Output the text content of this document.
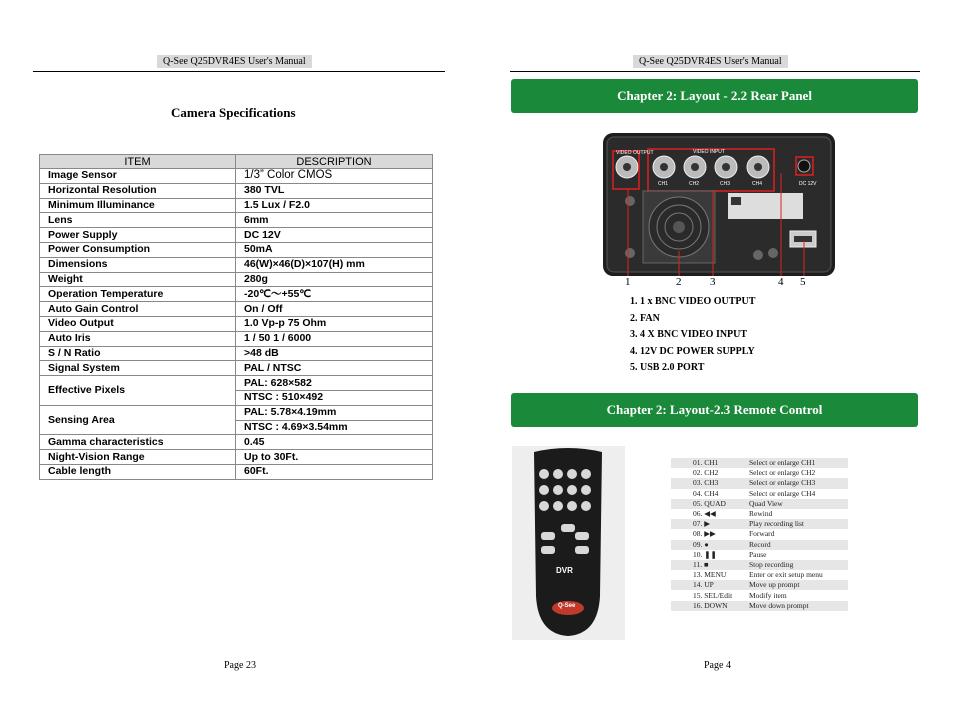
Q-See Q25DVR4ES User's Manual
Camera Specifications
ITEM	DESCRIPTION
Image Sensor	1/3” Color CMOS
Horizontal Resolution	380 TVL
Minimum Illuminance	1.5 Lux / F2.0
Lens	6mm
Power Supply	DC 12V
Power Consumption	50mA
Dimensions	46(W)×46(D)×107(H) mm
Weight	280g
Operation Temperature	-20℃～+55℃
Auto Gain Control	On / Off
Video Output	1.0 Vp-p 75 Ohm
Auto Iris	1 / 50 1 / 6000
S / N Ratio	>48 dB
Signal System	PAL / NTSC
Effective Pixels	PAL: 628×582
	NTSC : 510×492
Sensing Area	PAL: 5.78×4.19mm
	NTSC : 4.69×3.54mm
Gamma characteristics	0.45
Night-Vision Range	Up to 30Ft.
Cable length	60Ft.
Page 23
Q-See Q25DVR4ES User's Manual
Chapter 2: Layout - 2.2 Rear Panel
VIDEO OUTPUT	VIDEO INPUT
CH1	CH2	CH3	CH4	DC 12V
1	2	3	4 5
1. 1 x BNC VIDEO OUTPUT
2. FAN
3. 4 X BNC VIDEO INPUT
4. 12V DC POWER SUPPLY
5. USB 2.0 PORT
Chapter 2: Layout-2.3 Remote Control
DVR
Q-See
01. CH1	Select or enlarge CH1
02. CH2	Select or enlarge CH2
03. CH3	Select or enlarge CH3
04. CH4	Select or enlarge CH4
05. QUAD	Quad View
06. ◀◀	Rewind
07. ▶	Play recording list
08. ▶▶	Forward
09. ●	Record
10. ❚❚	Pause
11. ■	Stop recording
13. MENU	Enter or exit setup menu
14. UP	Move up prompt
15. SEL/Edit	Modify item
16. DOWN	Move down prompt
Page 4
